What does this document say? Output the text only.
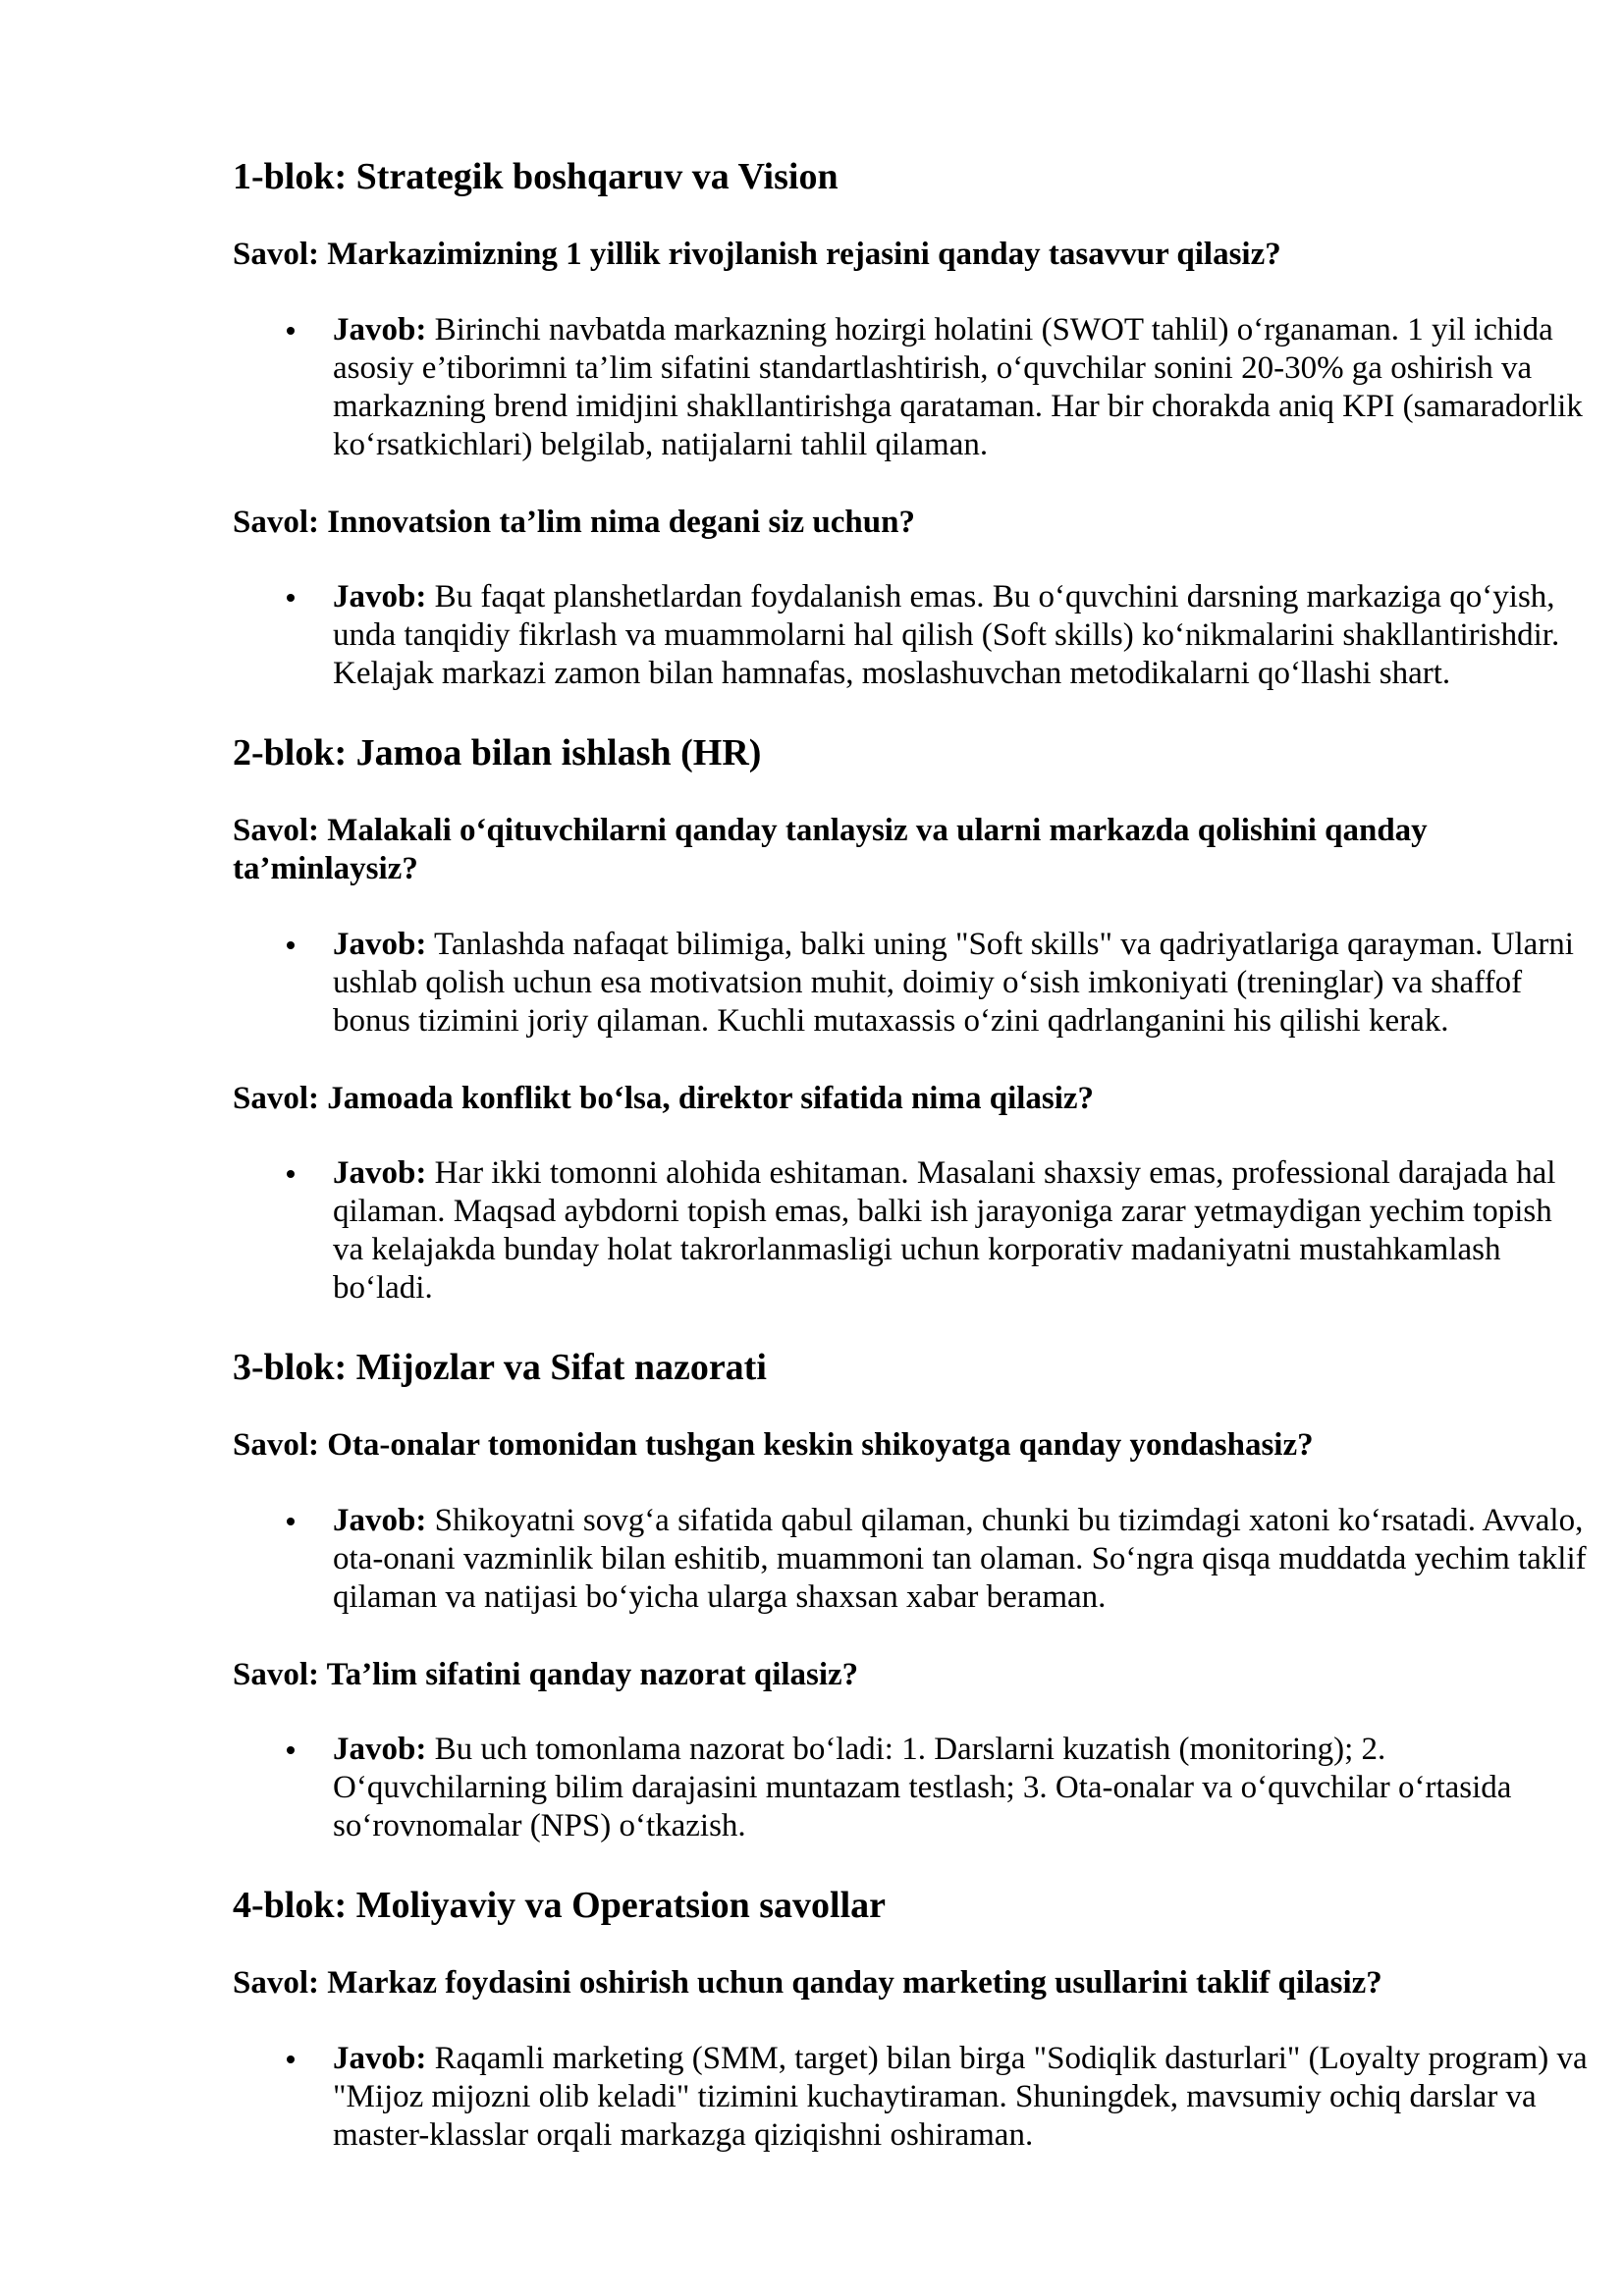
1-blok: Strategik boshqaruv va Vision

Savol: Markazimizning 1 yillik rivojlanish rejasini qanday tasavvur qilasiz?

Javob: Birinchi navbatda markazning hozirgi holatini (SWOT tahlil) o‘rganaman. 1 yil ichida asosiy e’tiborimni ta’lim sifatini standartlashtirish, o‘quvchilar sonini 20-30% ga oshirish va markazning brend imidjini shakllantirishga qarataman. Har bir chorakda aniq KPI (samaradorlik ko‘rsatkichlari) belgilab, natijalarni tahlil qilaman.

Savol: Innovatsion ta’lim nima degani siz uchun?

Javob: Bu faqat planshetlardan foydalanish emas. Bu o‘quvchini darsning markaziga qo‘yish, unda tanqidiy fikrlash va muammolarni hal qilish (Soft skills) ko‘nikmalarini shakllantirishdir. Kelajak markazi zamon bilan hamnafas, moslashuvchan metodikalarni qo‘llashi shart.
2-blok: Jamoa bilan ishlash (HR)

Savol: Malakali o‘qituvchilarni qanday tanlaysiz va ularni markazda qolishini qanday ta’minlaysiz?

Javob: Tanlashda nafaqat bilimiga, balki uning "Soft skills" va qadriyatlariga qarayman. Ularni ushlab qolish uchun esa motivatsion muhit, doimiy o‘sish imkoniyati (treninglar) va shaffof bonus tizimini joriy qilaman. Kuchli mutaxassis o‘zini qadrlanganini his qilishi kerak.

Savol: Jamoada konflikt bo‘lsa, direktor sifatida nima qilasiz?

Javob: Har ikki tomonni alohida eshitaman. Masalani shaxsiy emas, professional darajada hal qilaman. Maqsad aybdorni topish emas, balki ish jarayoniga zarar yetmaydigan yechim topish va kelajakda bunday holat takrorlanmasligi uchun korporativ madaniyatni mustahkamlash bo‘ladi.
3-blok: Mijozlar va Sifat nazorati

Savol: Ota-onalar tomonidan tushgan keskin shikoyatga qanday yondashasiz?

Javob: Shikoyatni sovg‘a sifatida qabul qilaman, chunki bu tizimdagi xatoni ko‘rsatadi. Avvalo, ota-onani vazminlik bilan eshitib, muammoni tan olaman. So‘ngra qisqa muddatda yechim taklif qilaman va natijasi bo‘yicha ularga shaxsan xabar beraman.

Savol: Ta’lim sifatini qanday nazorat qilasiz?

Javob: Bu uch tomonlama nazorat bo‘ladi: 1. Darslarni kuzatish (monitoring); 2. O‘quvchilarning bilim darajasini muntazam testlash; 3. Ota-onalar va o‘quvchilar o‘rtasida so‘rovnomalar (NPS) o‘tkazish.
4-blok: Moliyaviy va Operatsion savollar

Savol: Markaz foydasini oshirish uchun qanday marketing usullarini taklif qilasiz?

Javob: Raqamli marketing (SMM, target) bilan birga "Sodiqlik dasturlari" (Loyalty program) va "Mijoz mijozni olib keladi" tizimini kuchaytiraman. Shuningdek, mavsumiy ochiq darslar va master-klasslar orqali markazga qiziqishni oshiraman.
